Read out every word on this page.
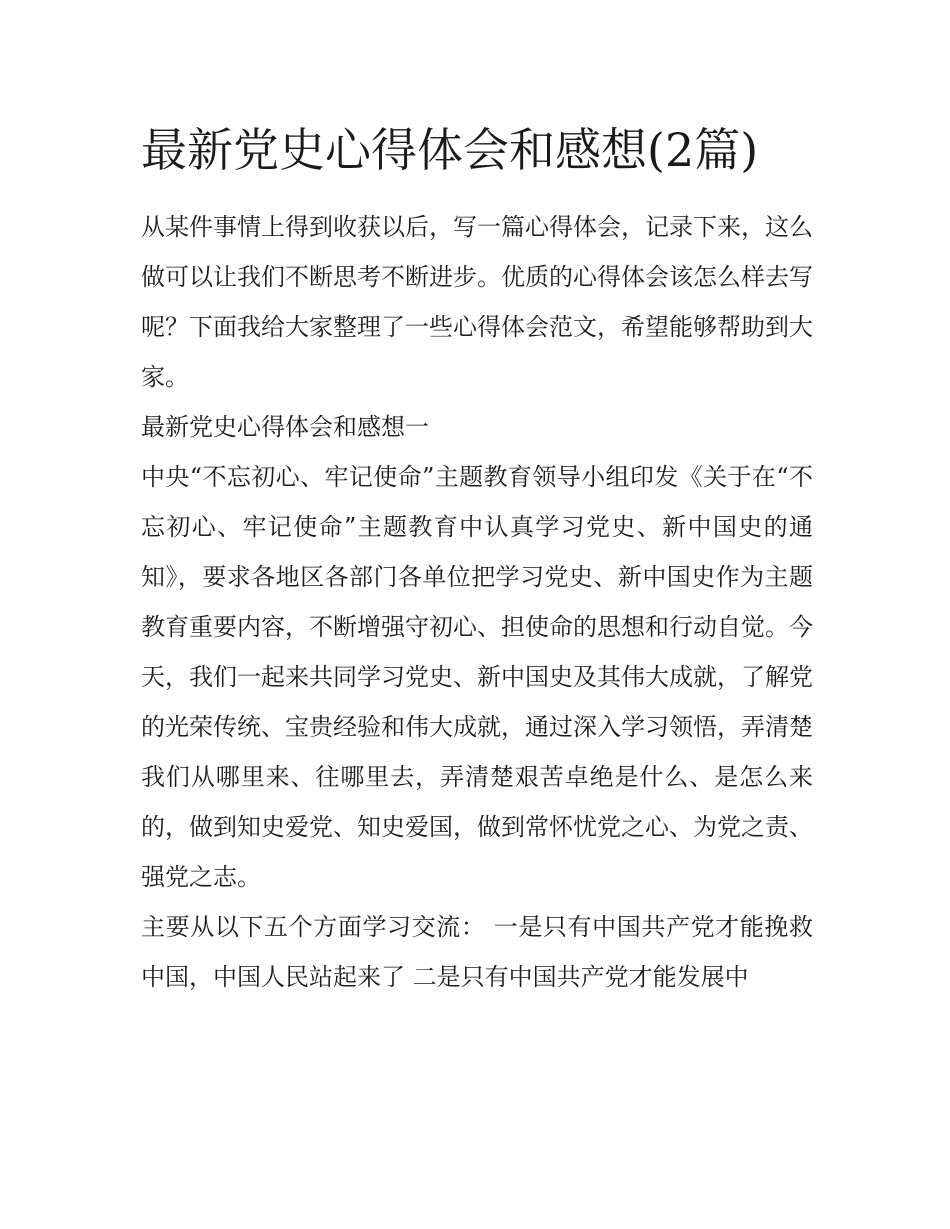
最新党史心得体会和感想(2篇)

从某件事情上得到收获以后，写一篇心得体会，记录下来，这么做可以让我们不断思考不断进步。优质的心得体会该怎么样去写呢？下面我给大家整理了一些心得体会范文，希望能够帮助到大家。

最新党史心得体会和感想一

中央“不忘初心、牢记使命”主题教育领导小组印发《关于在“不忘初心、牢记使命”主题教育中认真学习党史、新中国史的通知》，要求各地区各部门各单位把学习党史、新中国史作为主题教育重要内容，不断增强守初心、担使命的思想和行动自觉。今天，我们一起来共同学习党史、新中国史及其伟大成就，了解党的光荣传统、宝贵经验和伟大成就，通过深入学习领悟，弄清楚我们从哪里来、往哪里去，弄清楚艰苦卓绝是什么、是怎么来的，做到知史爱党、知史爱国，做到常怀忧党之心、为党之责、强党之志。

主要从以下五个方面学习交流： 一是只有中国共产党才能挽救中国，中国人民站起来了 二是只有中国共产党才能发展中
